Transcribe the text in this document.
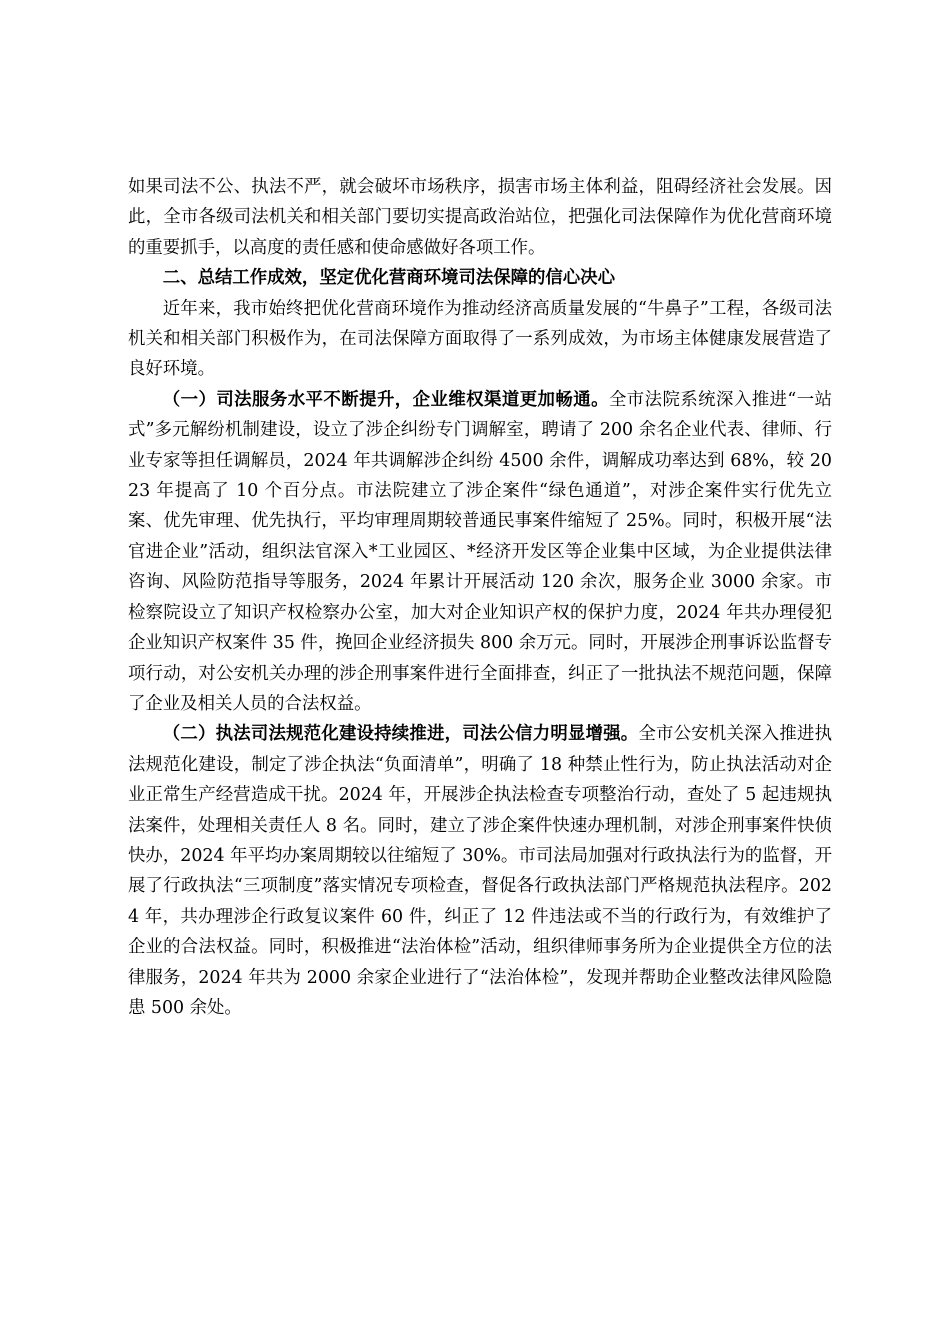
如果司法不公、执法不严，就会破坏市场秩序，损害市场主体利益，阻碍经济社会发展。因此，全市各级司法机关和相关部门要切实提高政治站位，把强化司法保障作为优化营商环境的重要抓手，以高度的责任感和使命感做好各项工作。

二、总结工作成效，坚定优化营商环境司法保障的信心决心

近年来，我市始终把优化营商环境作为推动经济高质量发展的“牛鼻子”工程，各级司法机关和相关部门积极作为，在司法保障方面取得了一系列成效，为市场主体健康发展营造了良好环境。

（一）司法服务水平不断提升，企业维权渠道更加畅通。全市法院系统深入推进“一站式”多元解纷机制建设，设立了涉企纠纷专门调解室，聘请了 200 余名企业代表、律师、行业专家等担任调解员，2024 年共调解涉企纠纷 4500 余件，调解成功率达到 68%，较 2023 年提高了 10 个百分点。市法院建立了涉企案件“绿色通道”，对涉企案件实行优先立案、优先审理、优先执行，平均审理周期较普通民事案件缩短了 25%。同时，积极开展“法官进企业”活动，组织法官深入*工业园区、*经济开发区等企业集中区域，为企业提供法律咨询、风险防范指导等服务，2024 年累计开展活动 120 余次，服务企业 3000 余家。市检察院设立了知识产权检察办公室，加大对企业知识产权的保护力度，2024 年共办理侵犯企业知识产权案件 35 件，挽回企业经济损失 800 余万元。同时，开展涉企刑事诉讼监督专项行动，对公安机关办理的涉企刑事案件进行全面排查，纠正了一批执法不规范问题，保障了企业及相关人员的合法权益。

（二）执法司法规范化建设持续推进，司法公信力明显增强。全市公安机关深入推进执法规范化建设，制定了涉企执法“负面清单”，明确了 18 种禁止性行为，防止执法活动对企业正常生产经营造成干扰。2024 年，开展涉企执法检查专项整治行动，查处了 5 起违规执法案件，处理相关责任人 8 名。同时，建立了涉企案件快速办理机制，对涉企刑事案件快侦快办，2024 年平均办案周期较以往缩短了 30%。市司法局加强对行政执法行为的监督，开展了行政执法“三项制度”落实情况专项检查，督促各行政执法部门严格规范执法程序。2024 年，共办理涉企行政复议案件 60 件，纠正了 12 件违法或不当的行政行为，有效维护了企业的合法权益。同时，积极推进“法治体检”活动，组织律师事务所为企业提供全方位的法律服务，2024 年共为 2000 余家企业进行了“法治体检”，发现并帮助企业整改法律风险隐患 500 余处。
